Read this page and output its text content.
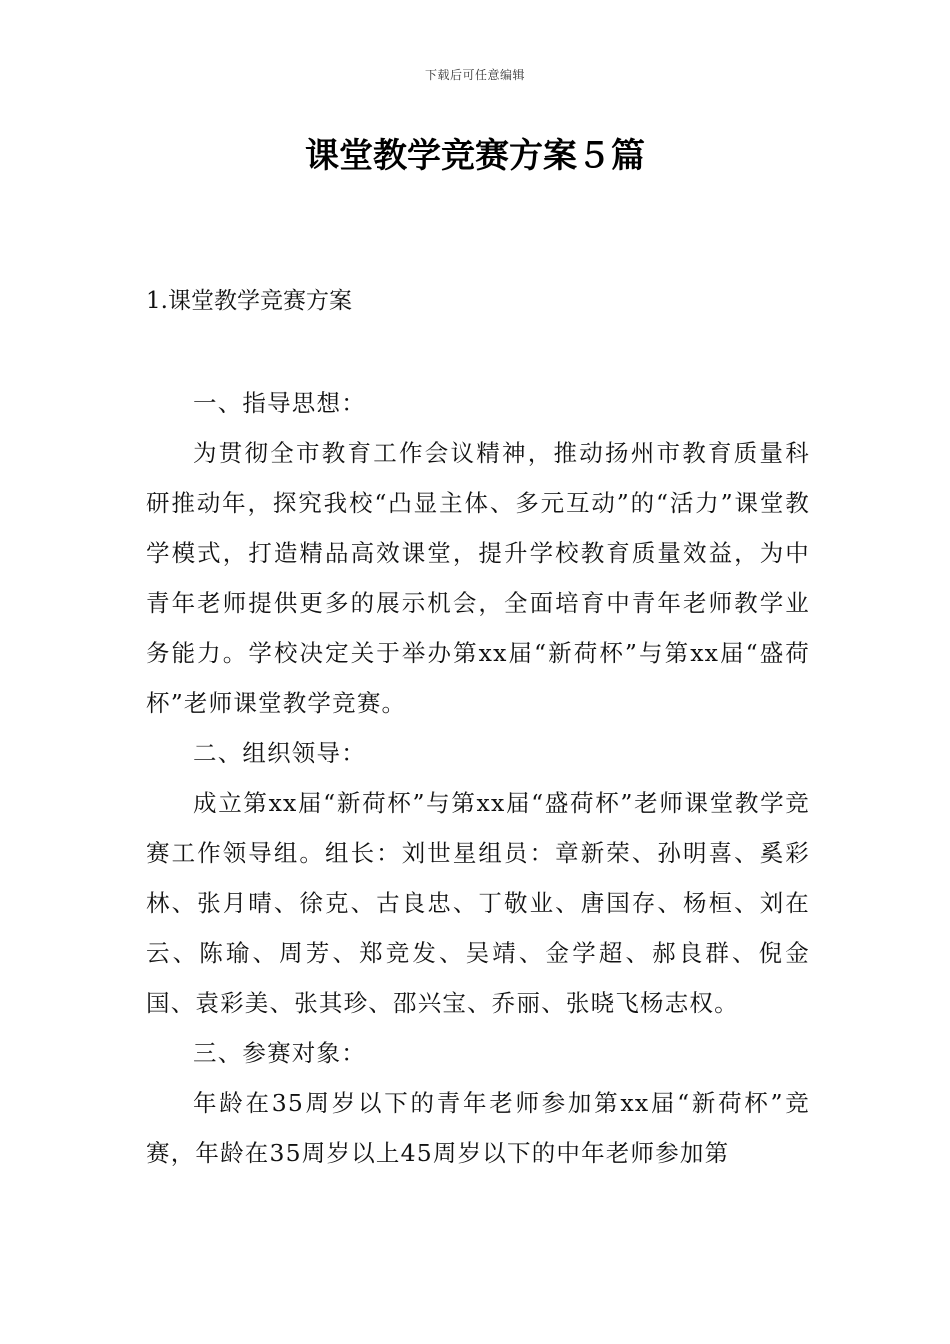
下载后可任意编辑
课堂教学竞赛方案５篇
1.课堂教学竞赛方案

一、指导思想：

为贯彻全市教育工作会议精神，推动扬州市教育质量科研推动年，探究我校“凸显主体、多元互动”的“活力”课堂教学模式，打造精品高效课堂，提升学校教育质量效益，为中青年老师提供更多的展示机会，全面培育中青年老师教学业务能力。学校决定关于举办第xx届“新荷杯”与第xx届“盛荷杯”老师课堂教学竞赛。

二、组织领导：

成立第xx届“新荷杯”与第xx届“盛荷杯”老师课堂教学竞赛工作领导组。组长：刘世星组员：章新荣、孙明喜、奚彩林、张月晴、徐克、古良忠、丁敬业、唐国存、杨桓、刘在云、陈瑜、周芳、郑竞发、吴靖、金学超、郝良群、倪金国、袁彩美、张其珍、邵兴宝、乔丽、张晓飞杨志权。

三、参赛对象：

年龄在35周岁以下的青年老师参加第xx届“新荷杯”竞赛，年龄在35周岁以上45周岁以下的中年老师参加第
